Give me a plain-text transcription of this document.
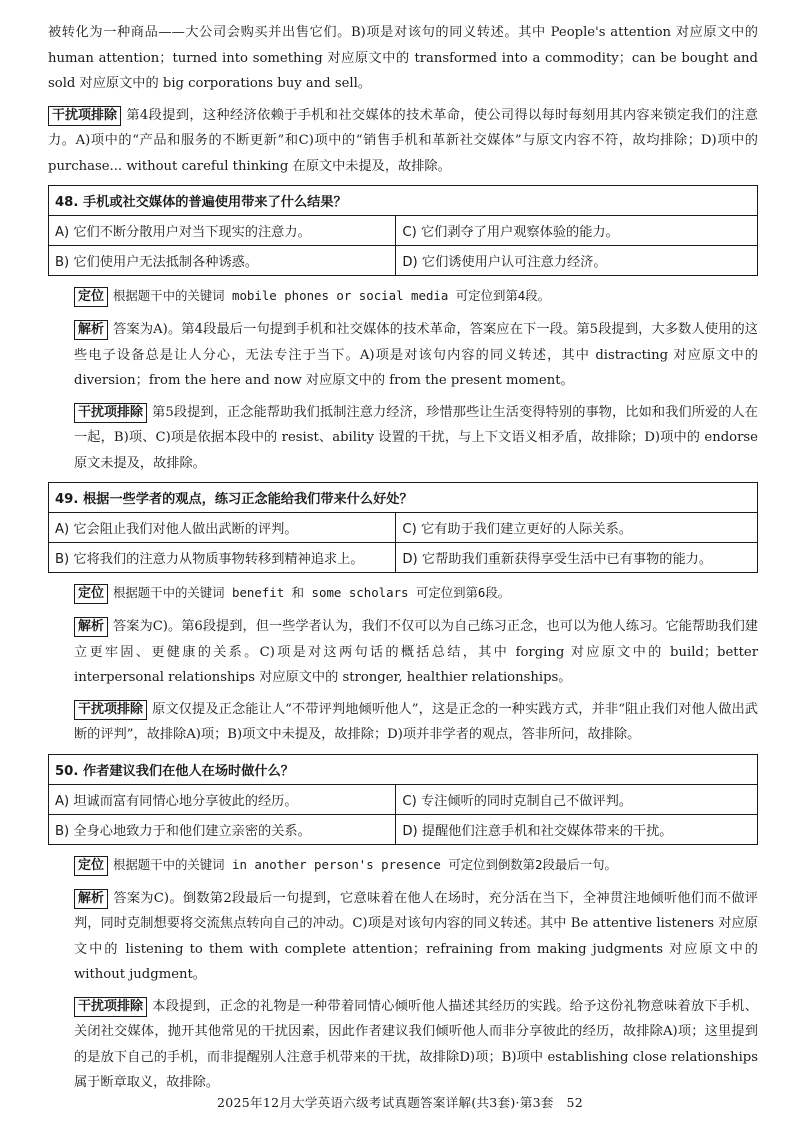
被转化为一种商品——大公司会购买并出售它们。B)项是对该句的同义转述。其中 People's attention 对应原文中的 human attention；turned into something 对应原文中的 transformed into a commodity；can be bought and sold 对应原文中的 big corporations buy and sell。

干扰项排除 第4段提到，这种经济依赖于手机和社交媒体的技术革命，使公司得以每时每刻用其内容来锁定我们的注意力。A)项中的“产品和服务的不断更新”和C)项中的“销售手机和革新社交媒体”与原文内容不符，故均排除；D)项中的 purchase... without careful thinking 在原文中未提及，故排除。

48. 手机或社交媒体的普遍使用带来了什么结果？	
A) 它们不断分散用户对当下现实的注意力。	C) 它们剥夺了用户观察体验的能力。
B) 它们使用户无法抵制各种诱惑。	D) 它们诱使用户认可注意力经济。
定位 根据题干中的关键词 mobile phones or social media 可定位到第4段。

解析 答案为A)。第4段最后一句提到手机和社交媒体的技术革命，答案应在下一段。第5段提到，大多数人使用的这些电子设备总是让人分心，无法专注于当下。A)项是对该句内容的同义转述，其中 distracting 对应原文中的 diversion；from the here and now 对应原文中的 from the present moment。

干扰项排除 第5段提到，正念能帮助我们抵制注意力经济，珍惜那些让生活变得特别的事物，比如和我们所爱的人在一起，B)项、C)项是依据本段中的 resist、ability 设置的干扰，与上下文语义相矛盾，故排除；D)项中的 endorse 原文未提及，故排除。

49. 根据一些学者的观点，练习正念能给我们带来什么好处？	
A) 它会阻止我们对他人做出武断的评判。	C) 它有助于我们建立更好的人际关系。
B) 它将我们的注意力从物质事物转移到精神追求上。	D) 它帮助我们重新获得享受生活中已有事物的能力。
定位 根据题干中的关键词 benefit 和 some scholars 可定位到第6段。

解析 答案为C)。第6段提到，但一些学者认为，我们不仅可以为自己练习正念，也可以为他人练习。它能帮助我们建立更牢固、更健康的关系。C)项是对这两句话的概括总结，其中 forging 对应原文中的 build；better interpersonal relationships 对应原文中的 stronger, healthier relationships。

干扰项排除 原文仅提及正念能让人“不带评判地倾听他人”，这是正念的一种实践方式，并非“阻止我们对他人做出武断的评判”，故排除A)项；B)项文中未提及，故排除；D)项并非学者的观点，答非所问，故排除。

50. 作者建议我们在他人在场时做什么？	
A) 坦诚而富有同情心地分享彼此的经历。	C) 专注倾听的同时克制自己不做评判。
B) 全身心地致力于和他们建立亲密的关系。	D) 提醒他们注意手机和社交媒体带来的干扰。
定位 根据题干中的关键词 in another person's presence 可定位到倒数第2段最后一句。

解析 答案为C)。倒数第2段最后一句提到，它意味着在他人在场时，充分活在当下，全神贯注地倾听他们而不做评判，同时克制想要将交流焦点转向自己的冲动。C)项是对该句内容的同义转述。其中 Be attentive listeners 对应原文中的 listening to them with complete attention；refraining from making judgments 对应原文中的 without judgment。

干扰项排除 本段提到，正念的礼物是一种带着同情心倾听他人描述其经历的实践。给予这份礼物意味着放下手机、关闭社交媒体，抛开其他常见的干扰因素，因此作者建议我们倾听他人而非分享彼此的经历，故排除A)项；这里提到的是放下自己的手机，而非提醒别人注意手机带来的干扰，故排除D)项；B)项中 establishing close relationships 属于断章取义，故排除。

2025年12月大学英语六级考试真题答案详解(共3套)·第3套　52
